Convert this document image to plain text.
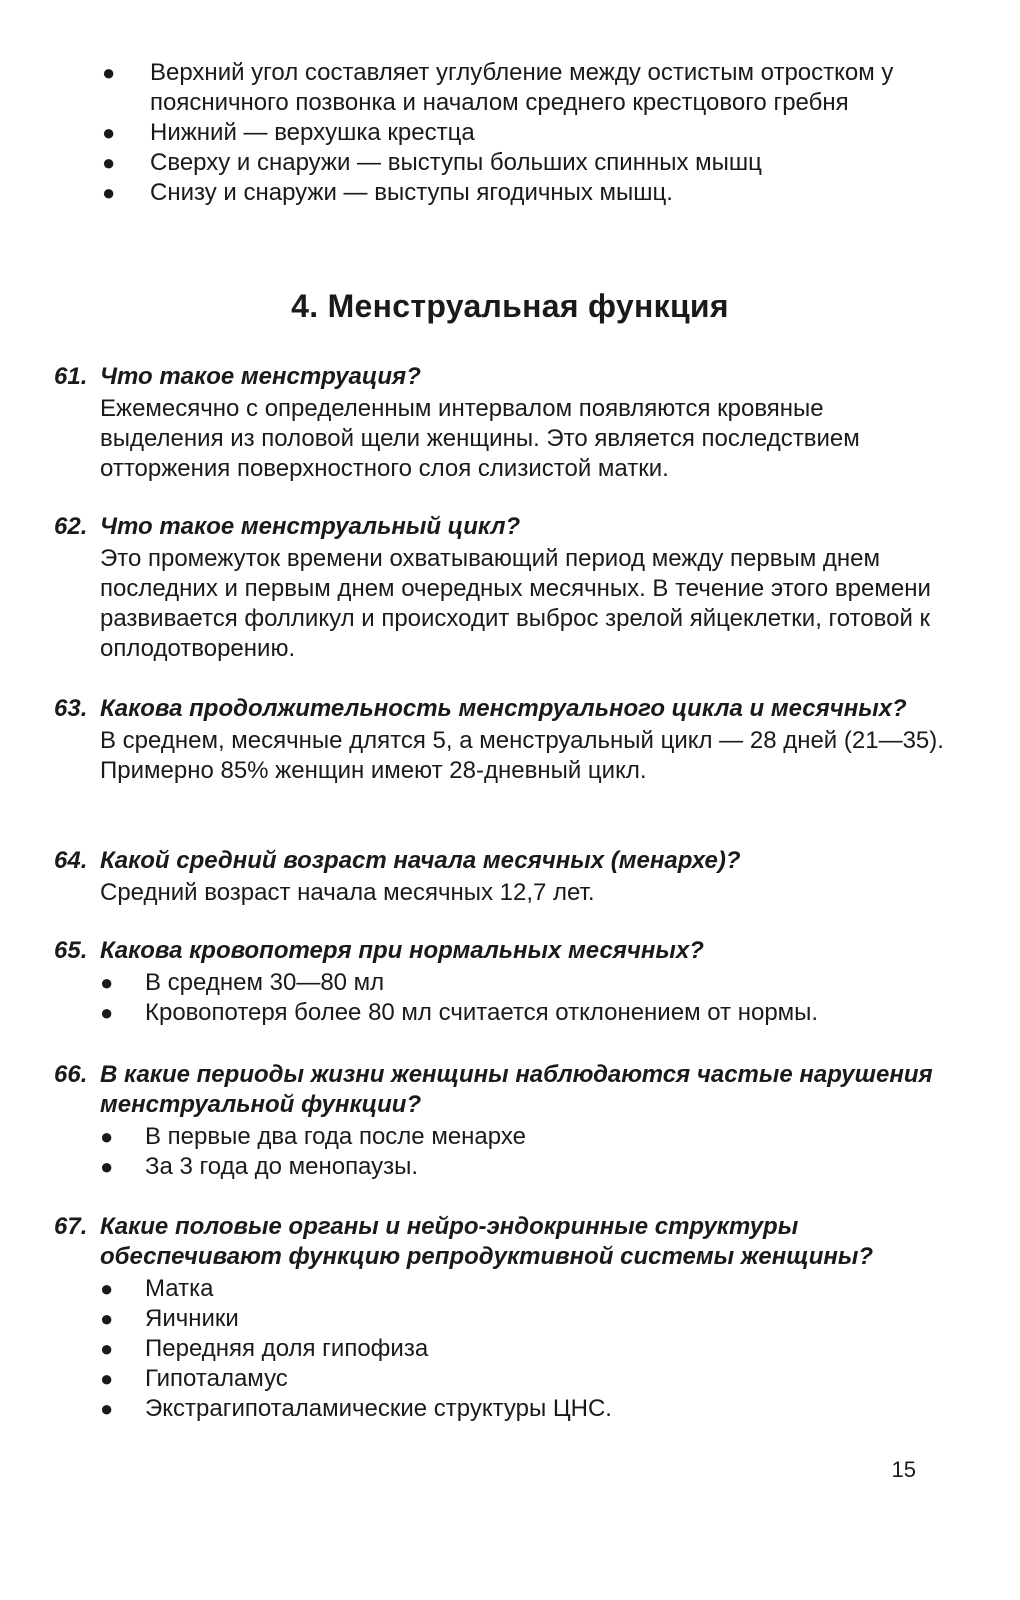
● Верхний угол составляет углубление между остистым отростком у поясничного позвонка и началом среднего крестцового гребня
● Нижний — верхушка крестца
● Сверху и снаружи — выступы больших спинных мышц
● Снизу и снаружи — выступы ягодичных мышц.
4. Менструальная функция
61. Что такое менструация?
Ежемесячно с определенным интервалом появляются кровяные выделения из половой щели женщины. Это является последствием отторжения поверхностного слоя слизистой матки.
62. Что такое менструальный цикл?
Это промежуток времени охватывающий период между первым днем последних и первым днем очередных месячных. В течение этого времени развивается фолликул и происходит выброс зрелой яйцеклетки, готовой к оплодотворению.
63. Какова продолжительность менструального цикла и месячных?
В среднем, месячные длятся 5, а менструальный цикл — 28 дней (21—35). Примерно 85% женщин имеют 28-дневный цикл.
64. Какой средний возраст начала месячных (менархе)?
Средний возраст начала месячных 12,7 лет.
65. Какова кровопотеря при нормальных месячных?
● В среднем 30—80 мл
● Кровопотеря более 80 мл считается отклонением от нормы.
66. В какие периоды жизни женщины наблюдаются частые нарушения менструальной функции?
● В первые два года после менархе
● За 3 года до менопаузы.
67. Какие половые органы и нейро-эндокринные структуры обеспечивают функцию репродуктивной системы женщины?
● Матка
● Яичники
● Передняя доля гипофиза
● Гипоталамус
● Экстрагипоталамические структуры ЦНС.
15
